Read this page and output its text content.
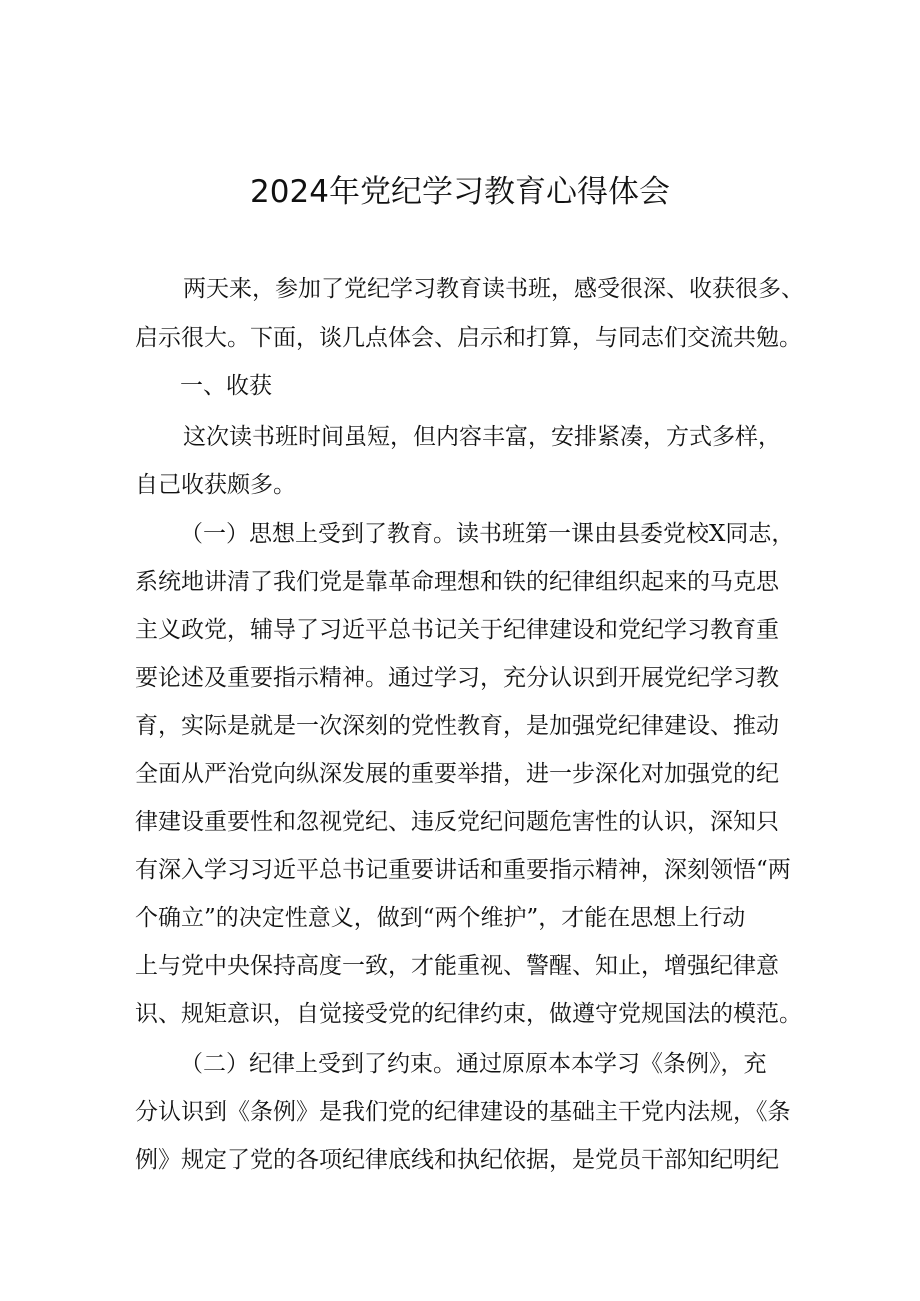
2024年党纪学习教育心得体会

两天来，参加了党纪学习教育读书班，感受很深、收获很多、

启示很大。下面，谈几点体会、启示和打算，与同志们交流共勉。

一、收获

这次读书班时间虽短，但内容丰富，安排紧凑，方式多样，

自己收获颇多。

（一）思想上受到了教育。读书班第一课由县委党校X同志，

系统地讲清了我们党是靠革命理想和铁的纪律组织起来的马克思

主义政党，辅导了习近平总书记关于纪律建设和党纪学习教育重

要论述及重要指示精神。通过学习，充分认识到开展党纪学习教

育，实际是就是一次深刻的党性教育，是加强党纪律建设、推动

全面从严治党向纵深发展的重要举措，进一步深化对加强党的纪

律建设重要性和忽视党纪、违反党纪问题危害性的认识，深知只

有深入学习习近平总书记重要讲话和重要指示精神，深刻领悟“两

个确立”的决定性意义，做到“两个维护”，才能在思想上行动

上与党中央保持高度一致，才能重视、警醒、知止，增强纪律意

识、规矩意识，自觉接受党的纪律约束，做遵守党规国法的模范。

（二）纪律上受到了约束。通过原原本本学习《条例》，充

分认识到《条例》是我们党的纪律建设的基础主干党内法规，《条

例》规定了党的各项纪律底线和执纪依据，是党员干部知纪明纪
